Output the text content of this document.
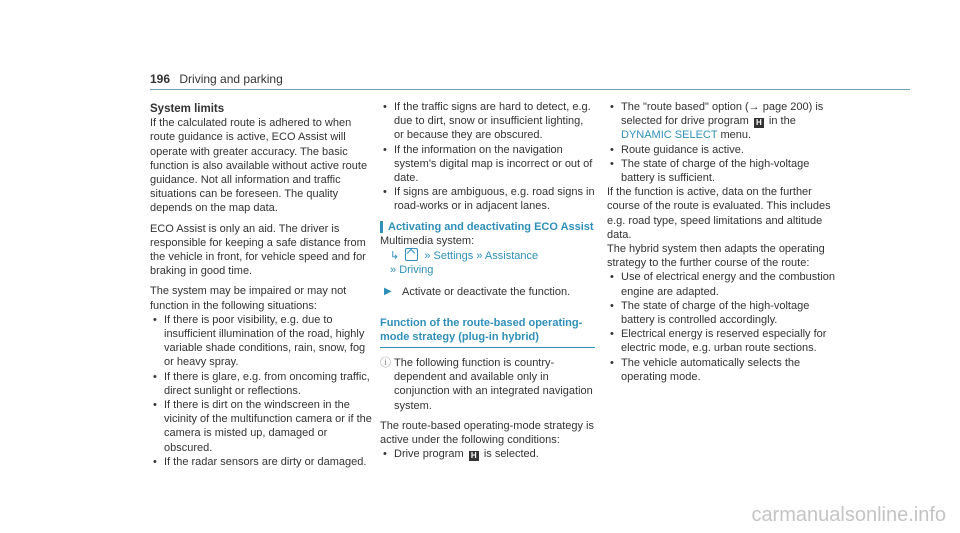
196 Driving and parking

System limits

If the calculated route is adhered to when route guidance is active, ECO Assist will operate with greater accuracy. The basic function is also available without active route guidance. Not all information and traffic situations can be foreseen. The quality depends on the map data.

ECO Assist is only an aid. The driver is responsible for keeping a safe distance from the vehicle in front, for vehicle speed and for braking in good time.

The system may be impaired or may not function in the following situations:

• If there is poor visibility, e.g. due to insufficient illumination of the road, highly variable shade conditions, rain, snow, fog or heavy spray.
• If there is glare, e.g. from oncoming traffic, direct sunlight or reflections.
• If there is dirt on the windscreen in the vicinity of the multifunction camera or if the camera is misted up, damaged or obscured.
• If the radar sensors are dirty or damaged.
• If the traffic signs are hard to detect, e.g. due to dirt, snow or insufficient lighting, or because they are obscured.
• If the information on the navigation system's digital map is incorrect or out of date.
• If signs are ambiguous, e.g. road signs in road-works or in adjacent lanes.
Activating and deactivating ECO Assist

Multimedia system:

↳ » Settings » Assistance

» Driving

▶ Activate or deactivate the function.
Function of the route-based operating-mode strategy (plug-in hybrid)
ⓘ The following function is country-dependent and available only in conjunction with an integrated navigation system.

The route-based operating-mode strategy is active under the following conditions:

• Drive program H is selected.
• The "route based" option (→ page 200) is selected for drive program H in the DYNAMIC SELECT menu.
• Route guidance is active.
• The state of charge of the high-voltage battery is sufficient.

If the function is active, data on the further course of the route is evaluated. This includes e.g. road type, speed limitations and altitude data.

The hybrid system then adapts the operating strategy to the further course of the route:

• Use of electrical energy and the combustion engine are adapted.
• The state of charge of the high-voltage battery is controlled accordingly.
• Electrical energy is reserved especially for electric mode, e.g. urban route sections.
• The vehicle automatically selects the operating mode.
carmanualsonline.info
